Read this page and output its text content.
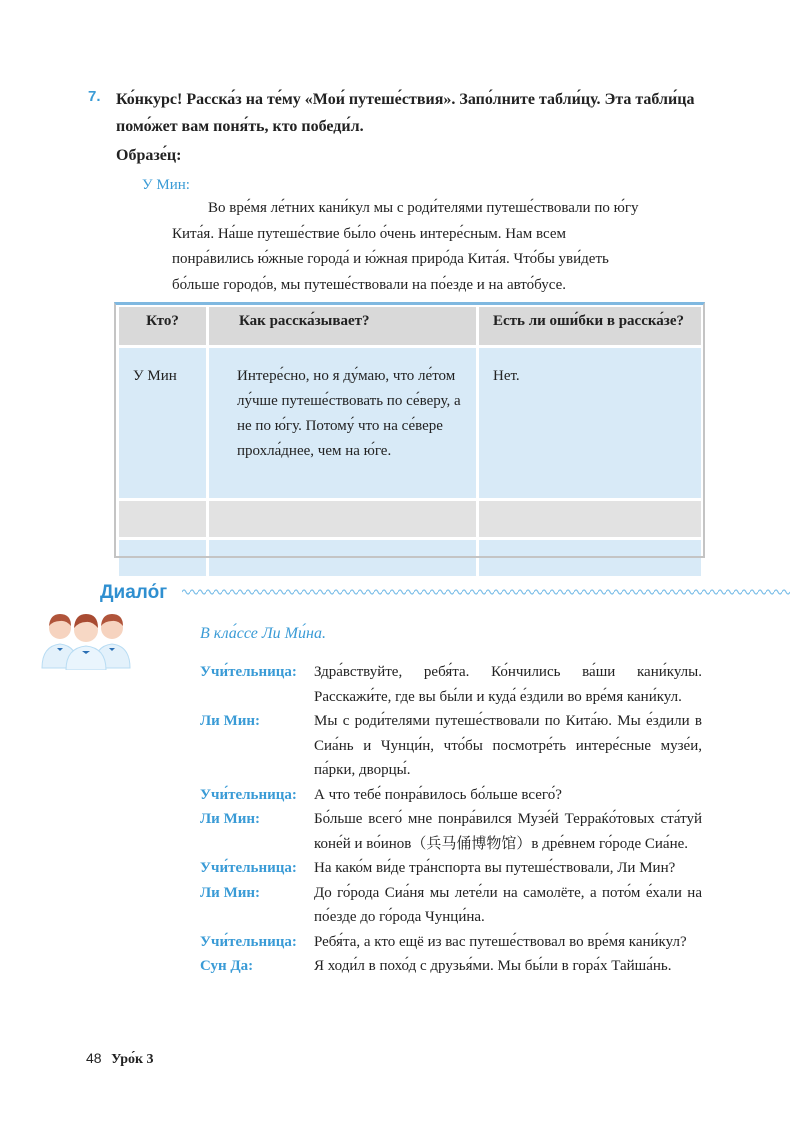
7. Ко́нкурс! Расска́з на те́му «Мои́ путеше́ствия». Запо́лните табли́цу. Эта табли́ца помо́жет вам поня́ть, кто победи́л.
Образе́ц:
У Мин:

Во вре́мя ле́тних кани́кул мы с роди́телями путеше́ствовали по ю́гу Кита́я. На́ше путеше́ствие бы́ло о́чень интере́сным. Нам всем понра́вились ю́жные города́ и ю́жная приро́да Кита́я. Что́бы уви́деть бо́льше городо́в, мы путеше́ствовали на по́езде и на авто́бусе.

Кто?	Как расска́зывает?	Есть ли оши́бки в расска́зе?
У Мин	Интере́сно, но я ду́маю, что ле́том лу́чше путеше́ствовать по се́веру, а не по ю́гу. Потому́ что на се́вере прохла́днее, чем на ю́ге.	Нет.

Диало́г
В кла́ссе Ли Ми́на.
Учи́тельница:	Здра́вствуйте, ребя́та. Ко́нчились ва́ши кани́кулы. Расскажи́те, где вы бы́ли и куда́ е́здили во вре́мя кани́кул.
Ли Мин:	Мы с роди́телями путеше́ствовали по Кита́ю. Мы е́здили в Сиа́нь и Чунци́н, что́бы посмотре́ть интере́сные музе́и, па́рки, дворцы́.
Учи́тельница:	А что тебе́ понра́вилось бо́льше всего́?
Ли Мин:	Бо́льше всего́ мне понра́вился Музе́й Терраќо́товых ста́туй коне́й и во́инов（兵马俑博物馆）в дре́внем го́роде Сиа́не.
Учи́тельница:	На како́м ви́де тра́нспорта вы путеше́ствовали, Ли Мин?
Ли Мин:	До го́рода Сиа́ня мы лете́ли на самолёте, а пото́м е́хали на по́езде до го́рода Чунци́на.
Учи́тельница:	Ребя́та, а кто ещё из вас путеше́ствовал во вре́мя кани́кул?
Сун Да:	Я ходи́л в похо́д с друзья́ми. Мы бы́ли в гора́х Тайша́нь.
48 Уро́к 3
